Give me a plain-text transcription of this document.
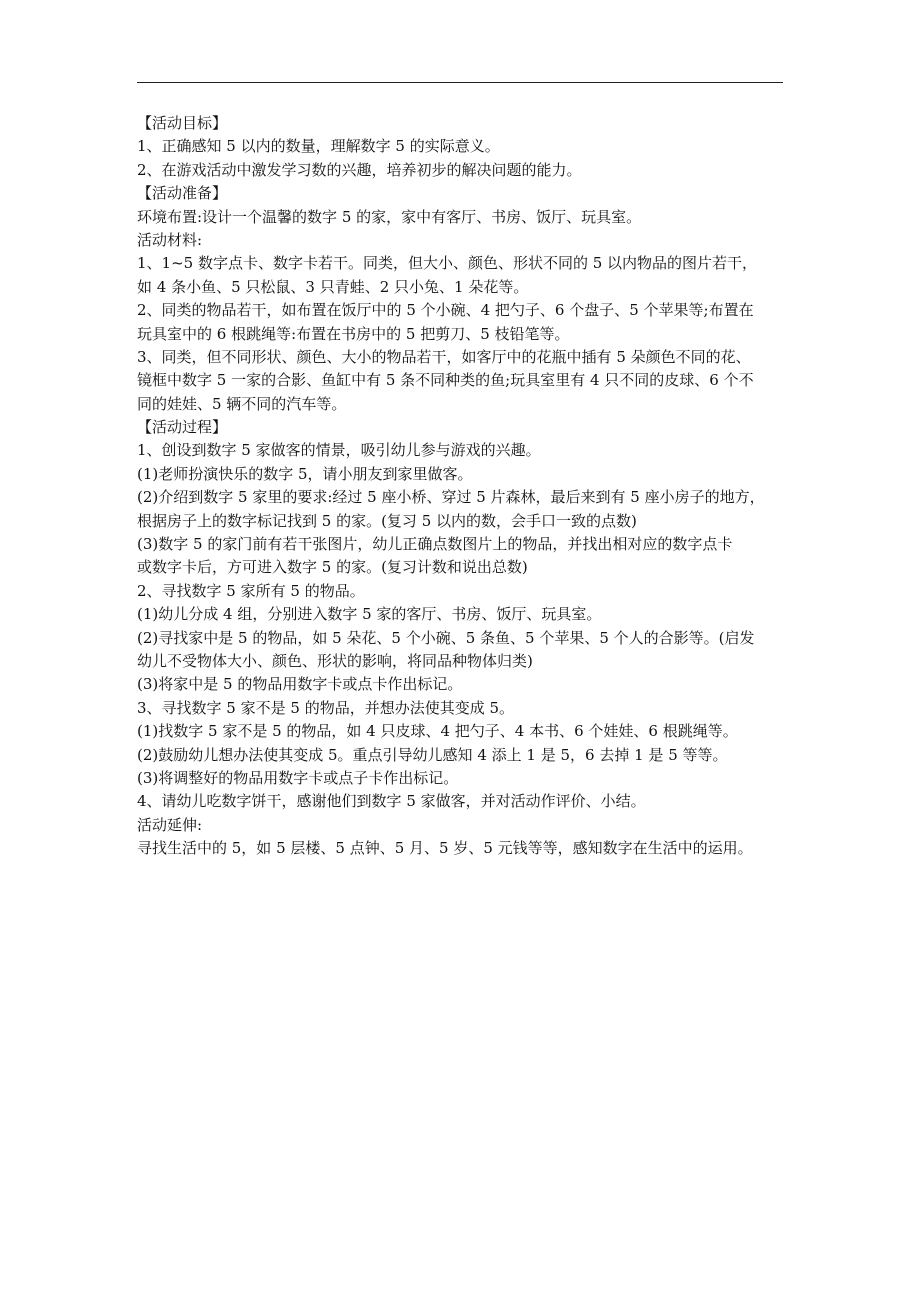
【活动目标】
1、正确感知 5 以内的数量，理解数字 5 的实际意义。
2、在游戏活动中激发学习数的兴趣，培养初步的解决问题的能力。
【活动准备】
环境布置:设计一个温馨的数字 5 的家，家中有客厅、书房、饭厅、玩具室。
活动材料:
1、1~5 数字点卡、数字卡若干。同类，但大小、颜色、形状不同的 5 以内物品的图片若干，
如 4 条小鱼、5 只松鼠、3 只青蛙、2 只小兔、1 朵花等。
2、同类的物品若干，如布置在饭厅中的 5 个小碗、4 把勺子、6 个盘子、5 个苹果等;布置在
玩具室中的 6 根跳绳等:布置在书房中的 5 把剪刀、5 枝铅笔等。
3、同类，但不同形状、颜色、大小的物品若干，如客厅中的花瓶中插有 5 朵颜色不同的花、
镜框中数字 5 一家的合影、鱼缸中有 5 条不同种类的鱼;玩具室里有 4 只不同的皮球、6 个不
同的娃娃、5 辆不同的汽车等。
【活动过程】
1、创设到数字 5 家做客的情景，吸引幼儿参与游戏的兴趣。
(1)老师扮演快乐的数字 5，请小朋友到家里做客。
(2)介绍到数字 5 家里的要求:经过 5 座小桥、穿过 5 片森林，最后来到有 5 座小房子的地方，
根据房子上的数字标记找到 5 的家。(复习 5 以内的数，会手口一致的点数)
(3)数字 5 的家门前有若干张图片，幼儿正确点数图片上的物品，并找出相对应的数字点卡
或数字卡后，方可进入数字 5 的家。(复习计数和说出总数)
2、寻找数字 5 家所有 5 的物品。
(1)幼儿分成 4 组，分别进入数字 5 家的客厅、书房、饭厅、玩具室。
(2)寻找家中是 5 的物品，如 5 朵花、5 个小碗、5 条鱼、5 个苹果、5 个人的合影等。(启发
幼儿不受物体大小、颜色、形状的影响，将同品种物体归类)
(3)将家中是 5 的物品用数字卡或点卡作出标记。
3、寻找数字 5 家不是 5 的物品，并想办法使其变成 5。
(1)找数字 5 家不是 5 的物品，如 4 只皮球、4 把勺子、4 本书、6 个娃娃、6 根跳绳等。
(2)鼓励幼儿想办法使其变成 5。重点引导幼儿感知 4 添上 1 是 5，6 去掉 1 是 5 等等。
(3)将调整好的物品用数字卡或点子卡作出标记。
4、请幼儿吃数字饼干，感谢他们到数字 5 家做客，并对活动作评价、小结。
活动延伸:
寻找生活中的 5，如 5 层楼、5 点钟、5 月、5 岁、5 元钱等等，感知数字在生活中的运用。
